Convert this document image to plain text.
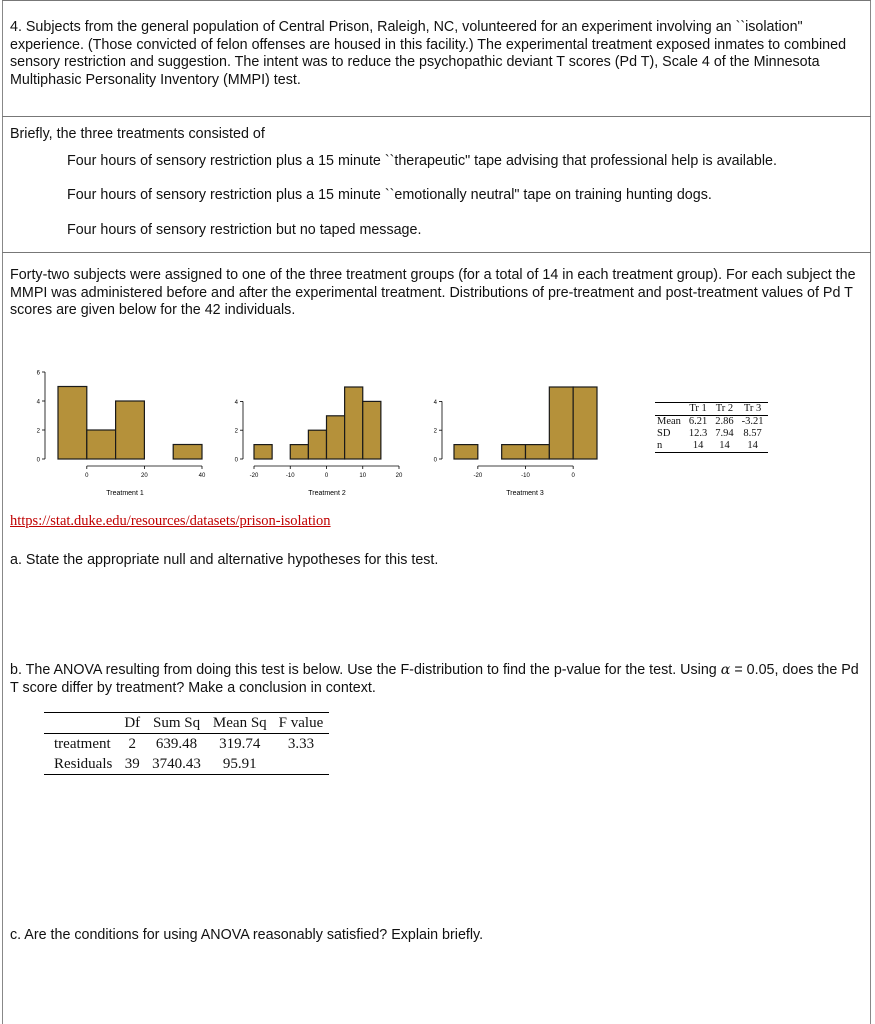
4. Subjects from the general population of Central Prison, Raleigh, NC, volunteered for an experiment involving an ``isolation" experience. (Those convicted of felon offenses are housed in this facility.) The experimental treatment exposed inmates to combined sensory restriction and suggestion. The intent was to reduce the psychopathic deviant T scores (Pd T), Scale 4 of the Minnesota Multiphasic Personality Inventory (MMPI) test.

Briefly, the three treatments consisted of

Four hours of sensory restriction plus a 15 minute ``therapeutic" tape advising that professional help is available.
Four hours of sensory restriction plus a 15 minute ``emotionally neutral" tape on training hunting dogs.
Four hours of sensory restriction but no taped message.

Forty-two subjects were assigned to one of the three treatment groups (for a total of 14 in each treatment group). For each subject the MMPI was administered before and after the experimental treatment. Distributions of pre-treatment and post-treatment values of Pd T scores are given below for the 42 individuals.

0
2
4
6
0	20	40
Treatment 1
0
2
4
-20	-10	0	10	20
Treatment 2
0
2
4
-20	-10	0
Treatment 3
	Tr 1	Tr 2	Tr 3
Mean	6.21	2.86	-3.21
SD	12.3	7.94	8.57
n	14	14	14
https://stat.duke.edu/resources/datasets/prison-isolation

a. State the appropriate null and alternative hypotheses for this test.

b. The ANOVA resulting from doing this test is below. Use the F-distribution to find the p-value for the test. Using α = 0.05, does the Pd T score differ by treatment? Make a conclusion in context.

	Df	Sum Sq	Mean Sq	F value
treatment	2	639.48	319.74	3.33
Residuals	39	3740.43	95.91	

c. Are the conditions for using ANOVA reasonably satisfied? Explain briefly.
